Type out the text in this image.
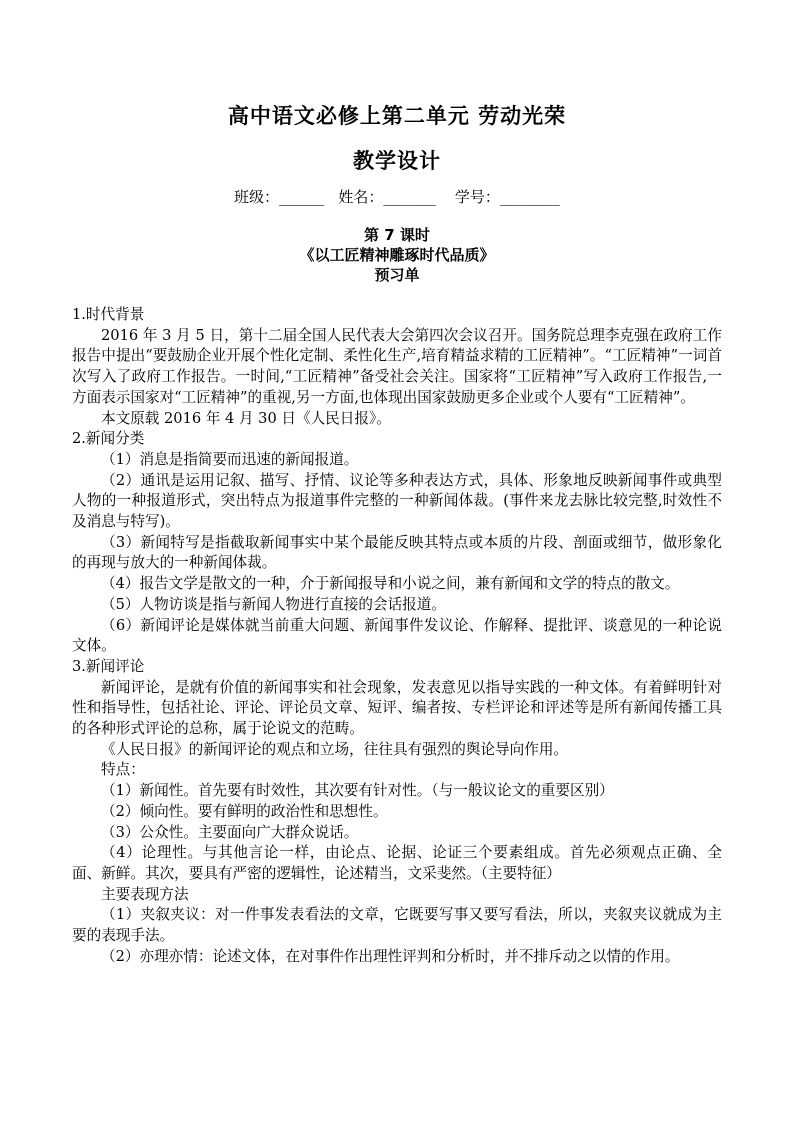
高中语文必修上第二单元 劳动光荣
教学设计
班级：______   姓名：_______    学号：________
第 7 课时
《以工匠精神雕琢时代品质》
预习单

1.时代背景

2016 年 3 月 5 日，第十二届全国人民代表大会第四次会议召开。国务院总理李克强在政府工作报告中提出“要鼓励企业开展个性化定制、柔性化生产,培育精益求精的工匠精神”。“工匠精神”一词首次写入了政府工作报告。一时间,“工匠精神”备受社会关注。国家将“工匠精神”写入政府工作报告,一方面表示国家对“工匠精神”的重视,另一方面,也体现出国家鼓励更多企业或个人要有“工匠精神”。

本文原载 2016 年 4 月 30 日《人民日报》。

2.新闻分类

（1）消息是指简要而迅速的新闻报道。

（2）通讯是运用记叙、描写、抒情、议论等多种表达方式，具体、形象地反映新闻事件或典型人物的一种报道形式，突出特点为报道事件完整的一种新闻体裁。(事件来龙去脉比较完整,时效性不及消息与特写)。

（3）新闻特写是指截取新闻事实中某个最能反映其特点或本质的片段、剖面或细节，做形象化的再现与放大的一种新闻体裁。

（4）报告文学是散文的一种，介于新闻报导和小说之间，兼有新闻和文学的特点的散文。

（5）人物访谈是指与新闻人物进行直接的会话报道。

（6）新闻评论是媒体就当前重大问题、新闻事件发议论、作解释、提批评、谈意见的一种论说文体。

3.新闻评论

新闻评论，是就有价值的新闻事实和社会现象，发表意见以指导实践的一种文体。有着鲜明针对性和指导性，包括社论、评论、评论员文章、短评、编者按、专栏评论和评述等是所有新闻传播工具的各种形式评论的总称，属于论说文的范畴。

《人民日报》的新闻评论的观点和立场，往往具有强烈的舆论导向作用。

特点：

（1）新闻性。首先要有时效性，其次要有针对性。（与一般议论文的重要区别）

（2）倾向性。要有鲜明的政治性和思想性。

（3）公众性。主要面向广大群众说话。

（4）论理性。与其他言论一样，由论点、论据、论证三个要素组成。首先必须观点正确、全面、新鲜。其次，要具有严密的逻辑性，论述精当，文采斐然。（主要特征）

主要表现方法

（1）夹叙夹议：对一件事发表看法的文章，它既要写事又要写看法，所以，夹叙夹议就成为主要的表现手法。

（2）亦理亦情：论述文体，在对事件作出理性评判和分析时，并不排斥动之以情的作用。
